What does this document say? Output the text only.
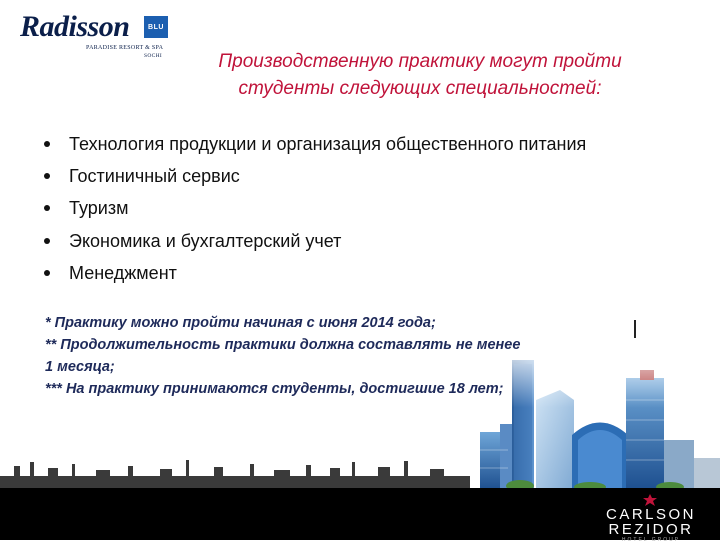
Radisson	BLU
PARADISE RESORT & SPA
SOCHI	Производственную практику могут пройти
студенты следующих специальностей:
Технология продукции и организация общественного питания
Гостиничный сервис
Туризм
Экономика и бухгалтерский учет
Менеджмент
* Практику можно пройти начиная с июня 2014 года;
** Продолжительность практики должна составлять не менее
1 месяца;
*** На практику принимаются студенты, достигшие 18 лет;
CARLSON
REZIDOR
HOTEL GROUP
